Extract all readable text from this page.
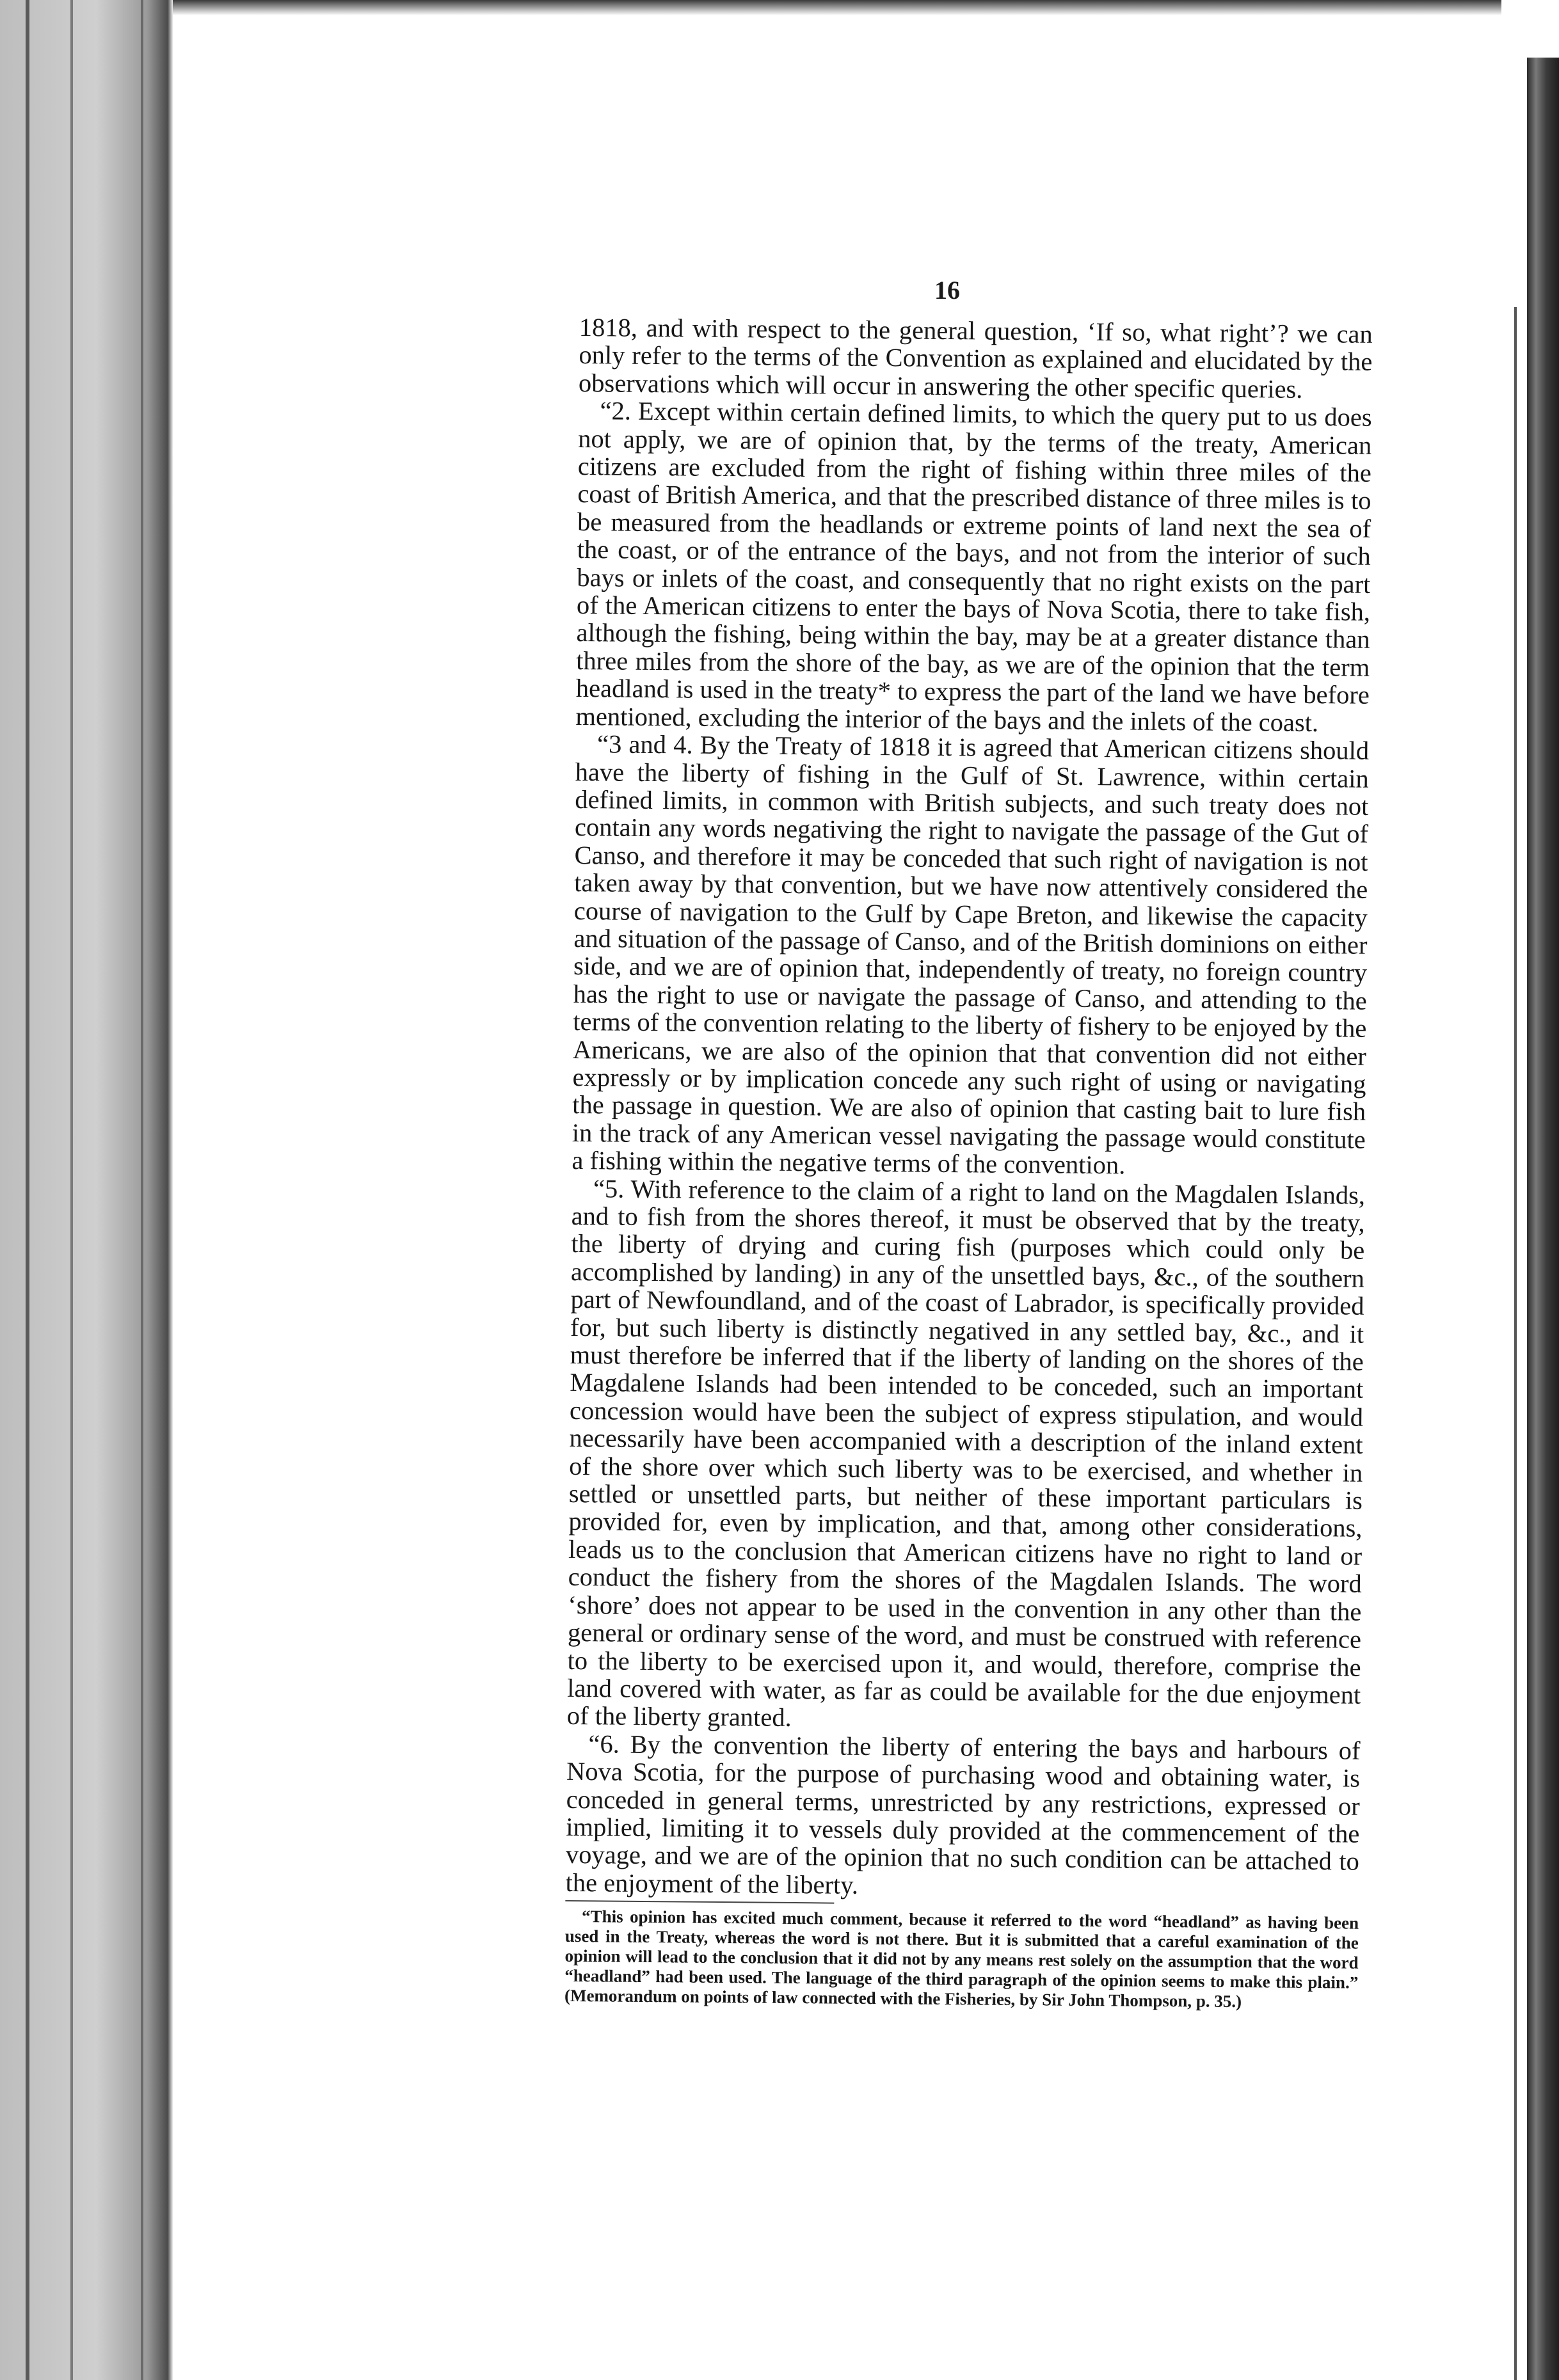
16

1818, and with respect to the general question, ‘If so, what right’? we can only refer to the terms of the Convention as explained and elucidated by the observations which will occur in answering the other specific queries.

“2. Except within certain defined limits, to which the query put to us does not apply, we are of opinion that, by the terms of the treaty, American citizens are excluded from the right of fishing within three miles of the coast of British America, and that the prescribed distance of three miles is to be measured from the headlands or extreme points of land next the sea of the coast, or of the entrance of the bays, and not from the interior of such bays or inlets of the coast, and consequently that no right exists on the part of the American citizens to enter the bays of Nova Scotia, there to take fish, although the fishing, being within the bay, may be at a greater distance than three miles from the shore of the bay, as we are of the opinion that the term headland is used in the treaty* to express the part of the land we have before mentioned, excluding the interior of the bays and the inlets of the coast.

“3 and 4. By the Treaty of 1818 it is agreed that American citizens should have the liberty of fishing in the Gulf of St. Lawrence, within certain defined limits, in common with British subjects, and such treaty does not contain any words negativing the right to navigate the passage of the Gut of Canso, and therefore it may be conceded that such right of navigation is not taken away by that convention, but we have now attentively considered the course of navigation to the Gulf by Cape Breton, and likewise the capacity and situation of the passage of Canso, and of the British dominions on either side, and we are of opinion that, independently of treaty, no foreign country has the right to use or navigate the passage of Canso, and attending to the terms of the convention relating to the liberty of fishery to be enjoyed by the Americans, we are also of the opinion that that convention did not either expressly or by implication concede any such right of using or navigating the passage in question. We are also of opinion that casting bait to lure fish in the track of any American vessel navigating the passage would constitute a fishing within the negative terms of the convention.

“5. With reference to the claim of a right to land on the Magdalen Islands, and to fish from the shores thereof, it must be observed that by the treaty, the liberty of drying and curing fish (purposes which could only be accomplished by landing) in any of the unsettled bays, &c., of the southern part of Newfoundland, and of the coast of Labrador, is specifically provided for, but such liberty is distinctly negatived in any settled bay, &c., and it must therefore be inferred that if the liberty of landing on the shores of the Magdalene Islands had been intended to be conceded, such an important concession would have been the subject of express stipulation, and would necessarily have been accompanied with a description of the inland extent of the shore over which such liberty was to be exercised, and whether in settled or unsettled parts, but neither of these important particulars is provided for, even by implication, and that, among other considerations, leads us to the conclusion that American citizens have no right to land or conduct the fishery from the shores of the Magdalen Islands. The word ‘shore’ does not appear to be used in the convention in any other than the general or ordinary sense of the word, and must be construed with reference to the liberty to be exercised upon it, and would, therefore, comprise the land covered with water, as far as could be available for the due enjoyment of the liberty granted.

“6. By the convention the liberty of entering the bays and harbours of Nova Scotia, for the purpose of purchasing wood and obtaining water, is conceded in general terms, unrestricted by any restrictions, expressed or implied, limiting it to vessels duly provided at the commencement of the voyage, and we are of the opinion that no such condition can be attached to the enjoyment of the liberty.

“This opinion has excited much comment, because it referred to the word “headland” as having been used in the Treaty, whereas the word is not there. But it is submitted that a careful examination of the opinion will lead to the conclusion that it did not by any means rest solely on the assumption that the word “headland” had been used. The language of the third paragraph of the opinion seems to make this plain.” (Memorandum on points of law connected with the Fisheries, by Sir John Thompson, p. 35.)
